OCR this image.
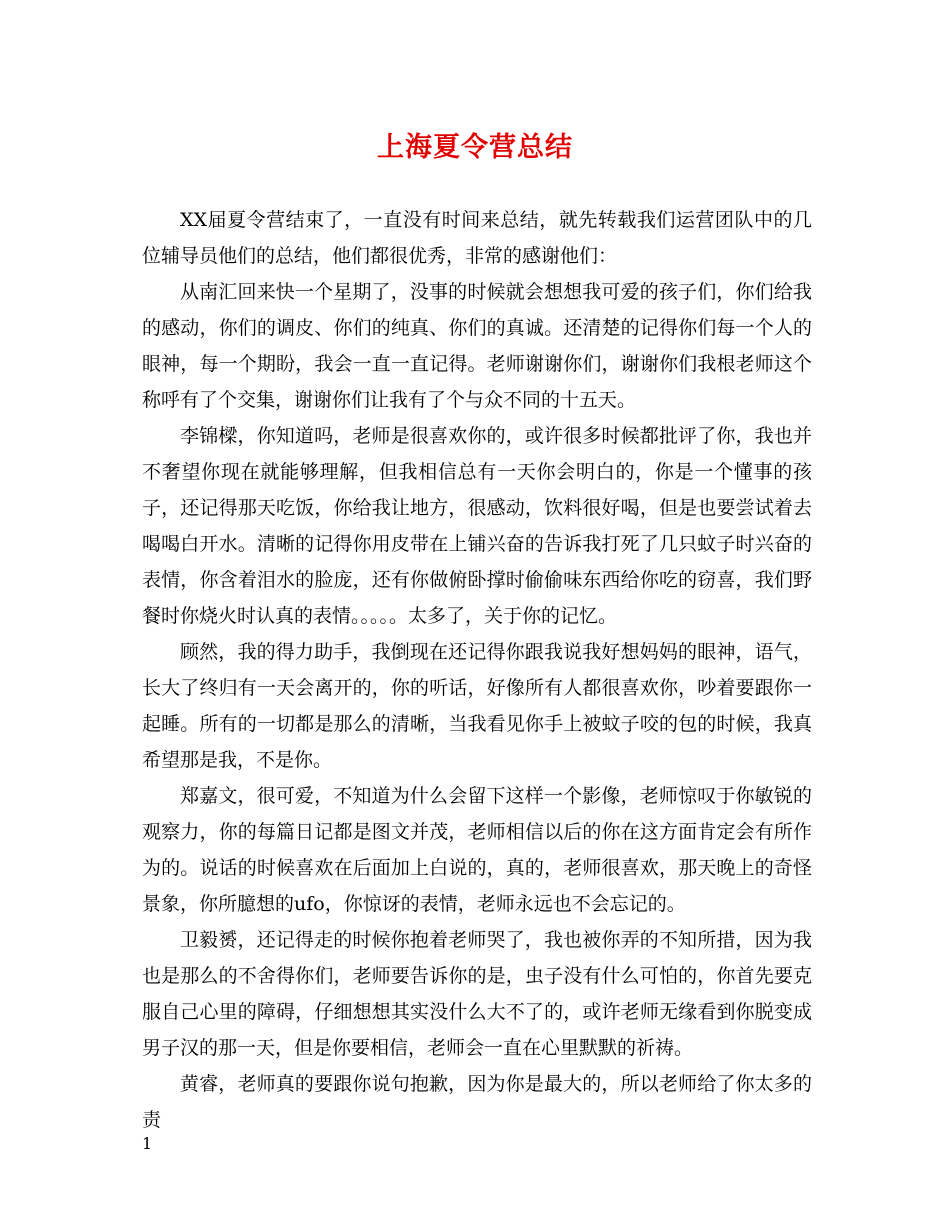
上海夏令营总结

XX届夏令营结束了，一直没有时间来总结，就先转载我们运营团队中的几位辅导员他们的总结，他们都很优秀，非常的感谢他们：

从南汇回来快一个星期了，没事的时候就会想想我可爱的孩子们，你们给我的感动，你们的调皮、你们的纯真、你们的真诚。还清楚的记得你们每一个人的眼神，每一个期盼，我会一直一直记得。老师谢谢你们，谢谢你们我根老师这个称呼有了个交集，谢谢你们让我有了个与众不同的十五天。

李锦樑，你知道吗，老师是很喜欢你的，或许很多时候都批评了你，我也并不奢望你现在就能够理解，但我相信总有一天你会明白的，你是一个懂事的孩子，还记得那天吃饭，你给我让地方，很感动，饮料很好喝，但是也要尝试着去喝喝白开水。清晰的记得你用皮带在上铺兴奋的告诉我打死了几只蚊子时兴奋的表情，你含着泪水的脸庞，还有你做俯卧撑时偷偷味东西给你吃的窃喜，我们野餐时你烧火时认真的表情。。。。。太多了，关于你的记忆。

顾然，我的得力助手，我倒现在还记得你跟我说我好想妈妈的眼神，语气，长大了终归有一天会离开的，你的听话，好像所有人都很喜欢你，吵着要跟你一起睡。所有的一切都是那么的清晰，当我看见你手上被蚊子咬的包的时候，我真希望那是我，不是你。

郑嘉文，很可爱，不知道为什么会留下这样一个影像，老师惊叹于你敏锐的观察力，你的每篇日记都是图文并茂，老师相信以后的你在这方面肯定会有所作为的。说话的时候喜欢在后面加上白说的，真的，老师很喜欢，那天晚上的奇怪景象，你所臆想的ufo，你惊讶的表情，老师永远也不会忘记的。

卫毅赟，还记得走的时候你抱着老师哭了，我也被你弄的不知所措，因为我也是那么的不舍得你们，老师要告诉你的是，虫子没有什么可怕的，你首先要克服自己心里的障碍，仔细想想其实没什么大不了的，或许老师无缘看到你脱变成男子汉的那一天，但是你要相信，老师会一直在心里默默的祈祷。

黄睿，老师真的要跟你说句抱歉，因为你是最大的，所以老师给了你太多的责

1
